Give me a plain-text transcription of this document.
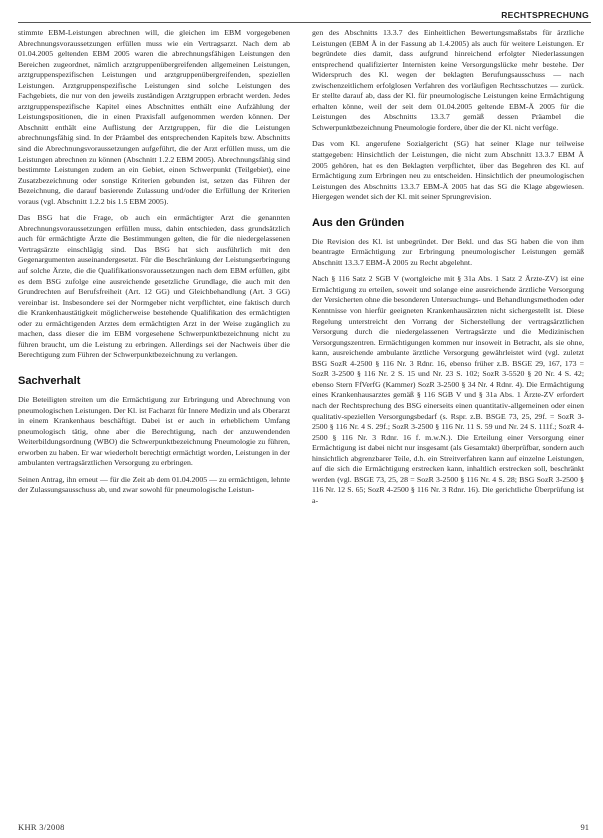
RECHTSPRECHUNG

stimmte EBM-Leistungen abrechnen will, die gleichen im EBM vorgegebenen Abrechnungsvoraussetzungen erfüllen muss wie ein Vertragsarzt. Nach dem ab 01.04.2005 geltenden EBM 2005 waren die abrechnungsfähigen Leistungen den Bereichen zugeordnet, nämlich arztgruppenübergreifenden allgemeinen Leistungen, arztgruppenspezifischen Leistungen und arztgruppenübergreifenden, speziellen Leistungen. Arztgruppenspezifische Leistungen sind solche Leistungen des Fachgebiets, die nur von den jeweils zuständigen Arztgruppen erbracht werden. Jedes arztgruppenspezifische Kapitel eines Abschnittes enthält eine Aufzählung der Leistungspositionen, die in einen Praxisfall aufgenommen werden können. Der Abschnitt enthält eine Auflistung der Arztgruppen, für die die Leistungen abrechnungsfähig sind. In der Präambel des entsprechenden Kapitels bzw. Abschnitts sind die Abrechnungsvoraussetzungen aufgeführt, die der Arzt erfüllen muss, um die Leistungen abrechnen zu können (Abschnitt 1.2.2 EBM 2005). Abrechnungsfähig sind bestimmte Leistungen zudem an ein Gebiet, einen Schwerpunkt (Teilgebiet), eine Zusatzbezeichnung oder sonstige Kriterien gebunden ist, setzen das Führen der Bezeichnung, die darauf basierende Zulassung und/oder die Erfüllung der Kriterien voraus (vgl. Abschnitt 1.2.2 bis 1.5 EBM 2005).

Das BSG hat die Frage, ob auch ein ermächtigter Arzt die genannten Abrechnungsvoraussetzungen erfüllen muss, dahin entschieden, dass grundsätzlich auch für ermächtigte Ärzte die Bestimmungen gelten, die für die niedergelassenen Vertragsärzte einschlägig sind. Das BSG hat sich ausführlich mit den Gegenargumenten auseinandergesetzt. Für die Beschränkung der Leistungserbringung auf solche Ärzte, die die Qualifikationsvoraussetzungen nach dem EBM erfüllen, gibt es dem BSG zufolge eine ausreichende gesetzliche Grundlage, die auch mit den Grundrechten auf Berufsfreiheit (Art. 12 GG) und Gleichbehandlung (Art. 3 GG) vereinbar ist. Insbesondere sei der Normgeber nicht verpflichtet, eine faktisch durch die Krankenhaustätigkeit möglicherweise bestehende Qualifikation des ermächtigten oder zu ermächtigenden Arztes dem ermächtigten Arzt in der Weise zugänglich zu machen, dass dieser die im EBM vorgesehene Schwerpunktbezeichnung nicht zu führen braucht, um die Leistung zu erbringen. Allerdings sei der Nachweis über die Berechtigung zum Führen der Schwerpunktbezeichnung zu verlangen.

Sachverhalt

Die Beteiligten streiten um die Ermächtigung zur Erbringung und Abrechnung von pneumologischen Leistungen. Der Kl. ist Facharzt für Innere Medizin und als Oberarzt in einem Krankenhaus beschäftigt. Dabei ist er auch in erheblichem Umfang pneumologisch tätig, ohne aber die Berechtigung, nach der anzuwendenden Weiterbildungsordnung (WBO) die Schwerpunktbezeichnung Pneumologie zu führen, erworben zu haben. Er war wiederholt berechtigt ermächtigt worden, Leistungen in der ambulanten vertragsärztlichen Versorgung zu erbringen.

Seinen Antrag, ihn erneut — für die Zeit ab dem 01.04.2005 — zu ermächtigen, lehnte der Zulassungsausschuss ab, und zwar sowohl für pneumologische Leistun-

gen des Abschnitts 13.3.7 des Einheitlichen Bewertungsmaßstabs für ärztliche Leistungen (EBM Ä in der Fassung ab 1.4.2005) als auch für weitere Leistungen. Er begründete dies damit, dass aufgrund hinreichend erfolgter Niederlassungen entsprechend qualifizierter Internisten keine Versorgungslücke mehr bestehe. Der Widerspruch des Kl. wegen der beklagten Berufungsausschuss — nach zwischenzeitlichem erfolglosen Verfahren des vorläufigen Rechtsschutzes — zurück. Er stellte darauf ab, dass der Kl. für pneumologische Leistungen keine Ermächtigung erhalten könne, weil der seit dem 01.04.2005 geltende EBM-Ä 2005 für die Leistungen des Abschnitts 13.3.7 gemäß dessen Präambel die Schwerpunktbezeichnung Pneumologie fordere, über die der Kl. nicht verfüge.

Das vom Kl. angerufene Sozialgericht (SG) hat seiner Klage nur teilweise stattgegeben: Hinsichtlich der Leistungen, die nicht zum Abschnitt 13.3.7 EBM Ä 2005 gehören, hat es den Beklagten verpflichtet, über das Begehren des Kl. auf Ermächtigung zum Erbringen neu zu entscheiden. Hinsichtlich der pneumologischen Leistungen des Abschnitts 13.3.7 EBM-Ä 2005 hat das SG die Klage abgewiesen. Hiergegen wendet sich der Kl. mit seiner Sprungrevision.

Aus den Gründen

Die Revision des Kl. ist unbegründet. Der Bekl. und das SG haben die von ihm beantragte Ermächtigung zur Erbringung pneumologischer Leistungen gemäß Abschnitt 13.3.7 EBM-Ä 2005 zu Recht abgelehnt.

Nach § 116 Satz 2 SGB V (wortgleiche mit § 31a Abs. 1 Satz 2 Ärzte-ZV) ist eine Ermächtigung zu erteilen, soweit und solange eine ausreichende ärztliche Versorgung der Versicherten ohne die besonderen Untersuchungs- und Behandlungsmethoden oder Kenntnisse von hierfür geeigneten Krankenhausärzten nicht sichergestellt ist. Diese Regelung unterstreicht den Vorrang der Sicherstellung der vertragsärztlichen Versorgung durch die niedergelassenen Vertragsärzte und die Medizinischen Versorgungszentren. Ermächtigungen kommen nur insoweit in Betracht, als sie ohne, kann, ausreichende ambulante ärztliche Versorgung gewährleistet wird (vgl. zuletzt BSG SozR 4-2500 § 116 Nr. 3 Rdnr. 16, ebenso früher z.B. BSGE 29, 167, 173 = SozR 3-2500 § 116 Nr. 2 S. 15 und Nr. 23 S. 102; SozR 3-5520 § 20 Nr. 4 S. 42; ebenso Stern FfVerfG (Kammer) SozR 3-2500 § 34 Nr. 4 Rdnr. 4). Die Ermächtigung eines Krankenhausarztes gemäß § 116 SGB V und § 31a Abs. 1 Ärzte-ZV erfordert nach der Rechtsprechung des BSG einerseits einen quantitativ-allgemeinen oder einen qualitativ-speziellen Versorgungsbedarf (s. Rspr. z.B. BSGE 73, 25, 29f. = SozR 3-2500 § 116 Nr. 4 S. 29f.; SozR 3-2500 § 116 Nr. 11 S. 59 und Nr. 24 S. 111f.; SozR 4-2500 § 116 Nr. 3 Rdnr. 16 f. m.w.N.). Die Erteilung einer Versorgung einer Ermächtigung ist dabei nicht nur insgesamt (als Gesamtakt) überprüfbar, sondern auch hinsichtlich abgrenzbarer Teile, d.h. ein Streitverfahren kann auf einzelne Leistungen, auf die sich die Ermächtigung erstrecken kann, inhaltlich erstrecken soll, beschränkt werden (vgl. BSGE 73, 25, 28 = SozR 3-2500 § 116 Nr. 4 S. 28; BSG SozR 3-2500 § 116 Nr. 12 S. 65; SozR 4-2500 § 116 Nr. 3 Rdnr. 16). Die gerichtliche Überprüfung ist a-

KHR 3/2008	91
